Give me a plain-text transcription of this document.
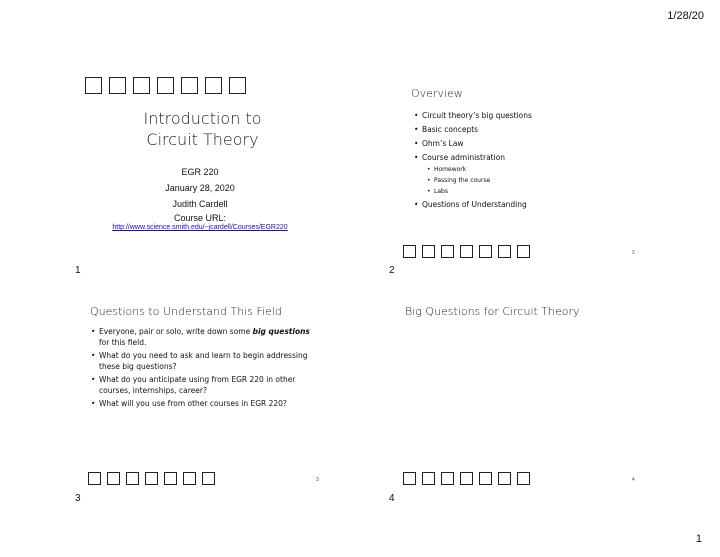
1/28/20
1
Introduction to
Circuit Theory
EGR 220
January 28, 2020
Judith Cardell
Course URL:
http://www.science.smith.edu/~jcardell/Courses/EGR220
1
Overview
• Circuit theory’s big questions
• Basic concepts
• Ohm’s Law
• Course administration
• Homework
• Passing the course
• Labs
• Questions of Understanding
2
2
Questions to Understand This Field
• Everyone, pair or solo, write down some big questions for this field.
• What do you need to ask and learn to begin addressing these big questions?
• What do you anticipate using from EGR 220 in other courses, internships, career?
• What will you use from other courses in EGR 220?
3
3
Big Questions for Circuit Theory
4
4
